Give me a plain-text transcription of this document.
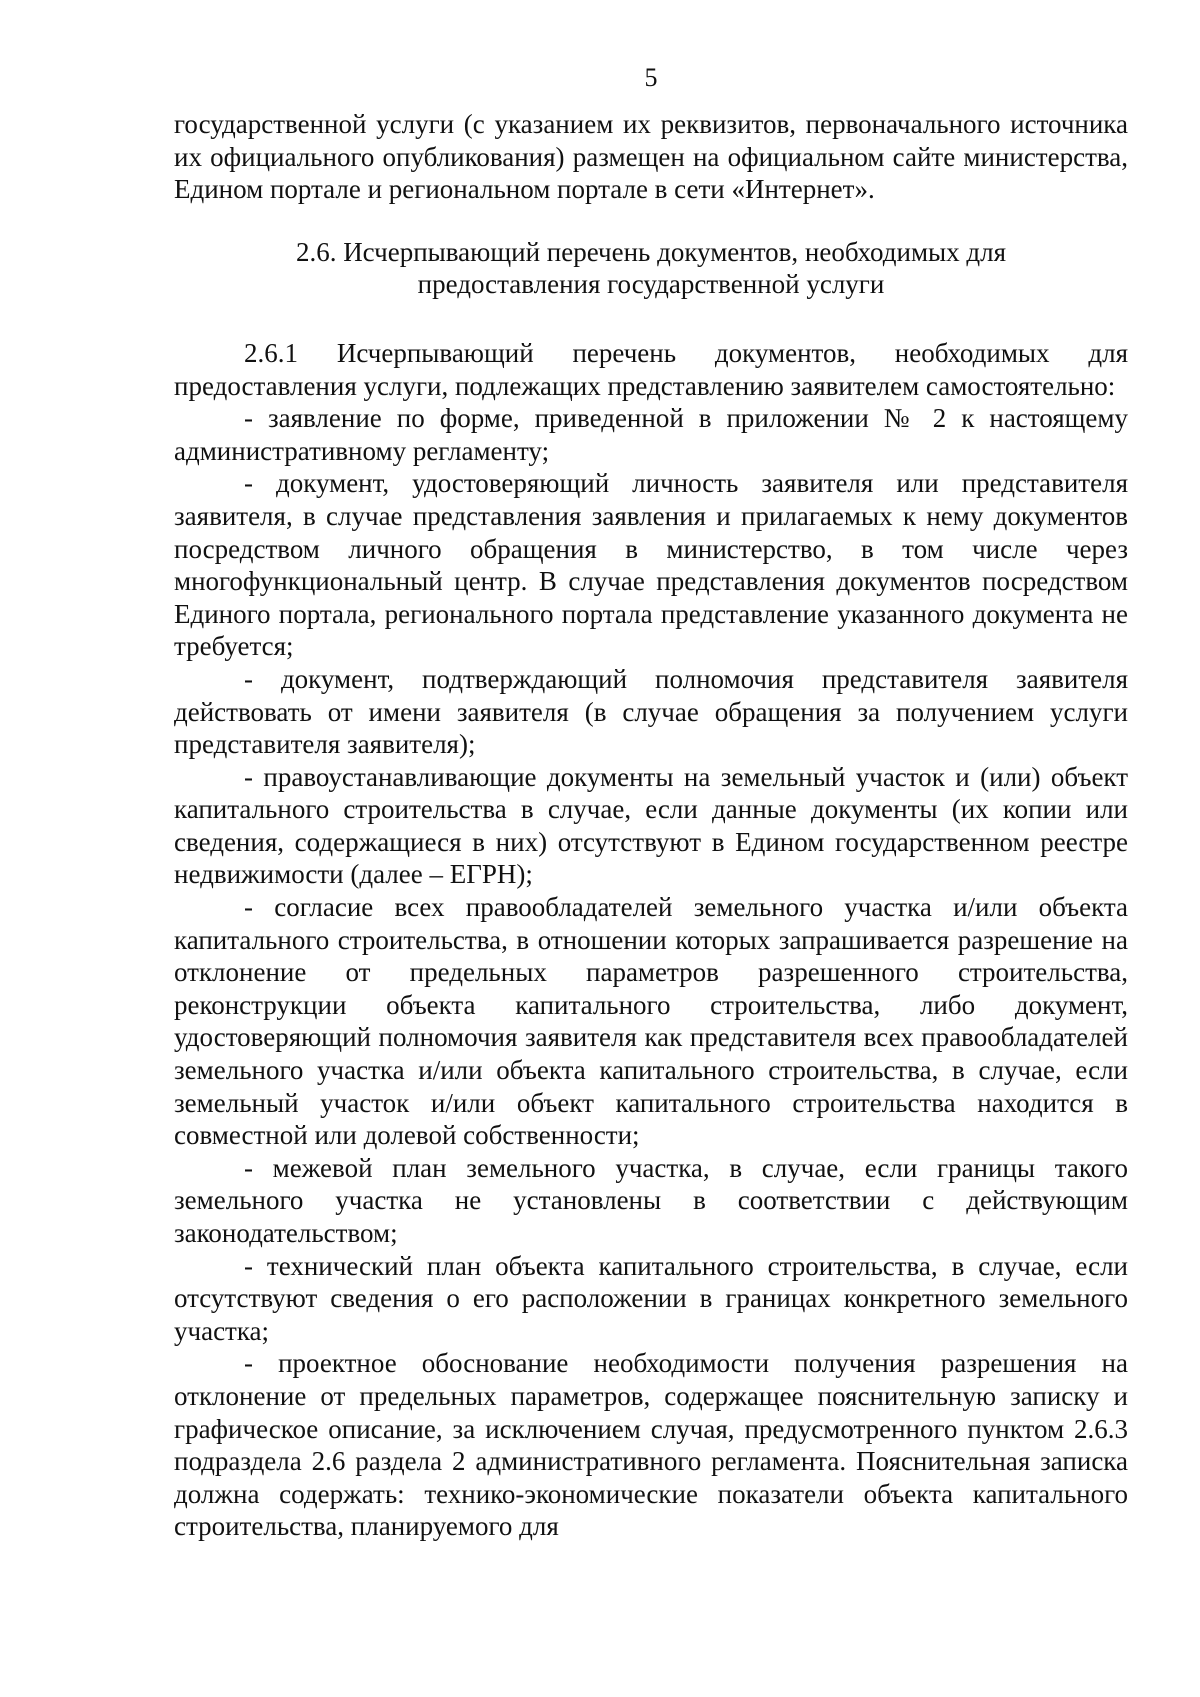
5

государственной услуги (с указанием их реквизитов, первоначального источника их официального опубликования) размещен на официальном сайте министерства, Едином портале и региональном портале в сети «Интернет».

2.6. Исчерпывающий перечень документов, необходимых для
предоставления государственной услуги

2.6.1 Исчерпывающий перечень документов, необходимых для предоставления услуги, подлежащих представлению заявителем самостоятельно:

- заявление по форме, приведенной в приложении № 2 к настоящему административному регламенту;

- документ, удостоверяющий личность заявителя или представителя заявителя, в случае представления заявления и прилагаемых к нему документов посредством личного обращения в министерство, в том числе через многофункциональный центр. В случае представления документов посредством Единого портала, регионального портала представление указанного документа не требуется;

- документ, подтверждающий полномочия представителя заявителя действовать от имени заявителя (в случае обращения за получением услуги представителя заявителя);

- правоустанавливающие документы на земельный участок и (или) объект капитального строительства в случае, если данные документы (их копии или сведения, содержащиеся в них) отсутствуют в Едином государственном реестре недвижимости (далее – ЕГРН);

- согласие всех правообладателей земельного участка и/или объекта капитального строительства, в отношении которых запрашивается разрешение на отклонение от предельных параметров разрешенного строительства, реконструкции объекта капитального строительства, либо документ, удостоверяющий полномочия заявителя как представителя всех правообладателей земельного участка и/или объекта капитального строительства, в случае, если земельный участок и/или объект капитального строительства находится в совместной или долевой собственности;

- межевой план земельного участка, в случае, если границы такого земельного участка не установлены в соответствии с действующим законодательством;

- технический план объекта капитального строительства, в случае, если отсутствуют сведения о его расположении в границах конкретного земельного участка;

- проектное обоснование необходимости получения разрешения на отклонение от предельных параметров, содержащее пояснительную записку и графическое описание, за исключением случая, предусмотренного пунктом 2.6.3 подраздела 2.6 раздела 2 административного регламента. Пояснительная записка должна содержать: технико-экономические показатели объекта капитального строительства, планируемого для
